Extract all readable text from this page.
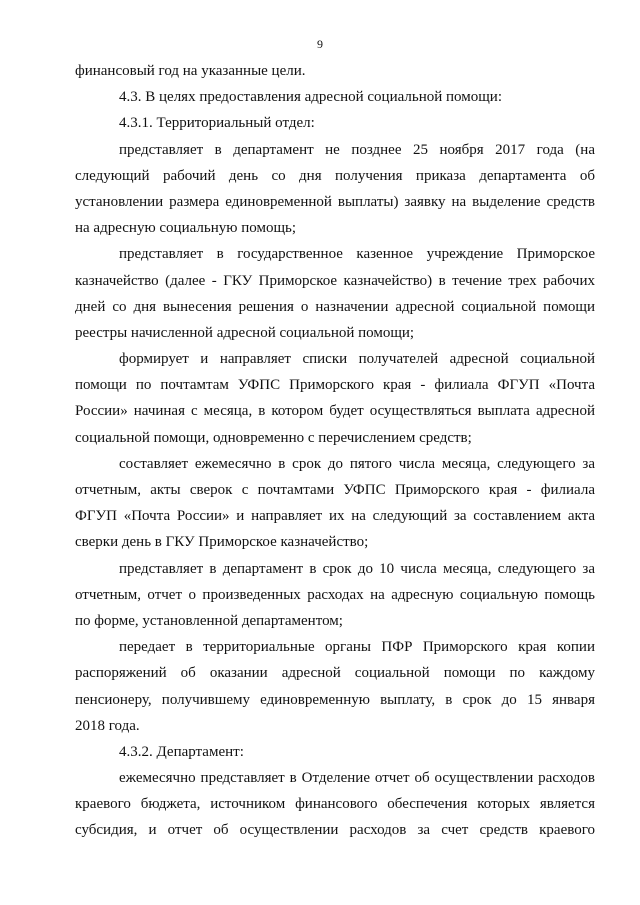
9
финансовый год на указанные цели.
4.3. В целях предоставления адресной социальной помощи:
4.3.1. Территориальный отдел:
представляет в департамент не позднее 25 ноября 2017 года (на
следующий рабочий день со дня получения приказа департамента об
установлении размера единовременной выплаты) заявку на выделение средств
на адресную социальную помощь;
представляет в государственное казенное учреждение Приморское
казначейство (далее - ГКУ Приморское казначейство) в течение трех рабочих
дней со дня вынесения решения о назначении адресной социальной помощи
реестры начисленной адресной социальной помощи;
формирует и направляет списки получателей адресной социальной
помощи по почтамтам УФПС Приморского края - филиала ФГУП «Почта
России» начиная с месяца, в котором будет осуществляться выплата адресной
социальной помощи, одновременно с перечислением средств;
составляет ежемесячно в срок до пятого числа месяца, следующего за
отчетным, акты сверок с почтамтами УФПС Приморского края - филиала
ФГУП «Почта России» и направляет их на следующий за составлением акта
сверки день в ГКУ Приморское казначейство;
представляет в департамент в срок до 10 числа месяца, следующего за
отчетным, отчет о произведенных расходах на адресную социальную помощь
по форме, установленной департаментом;
передает в территориальные органы ПФР Приморского края копии
распоряжений об оказании адресной социальной помощи по каждому
пенсионеру, получившему единовременную выплату, в срок до 15 января
2018 года.
4.3.2. Департамент:
ежемесячно представляет в Отделение отчет об осуществлении расходов
краевого бюджета, источником финансового обеспечения которых является
субсидия, и отчет об осуществлении расходов за счет средств краевого
